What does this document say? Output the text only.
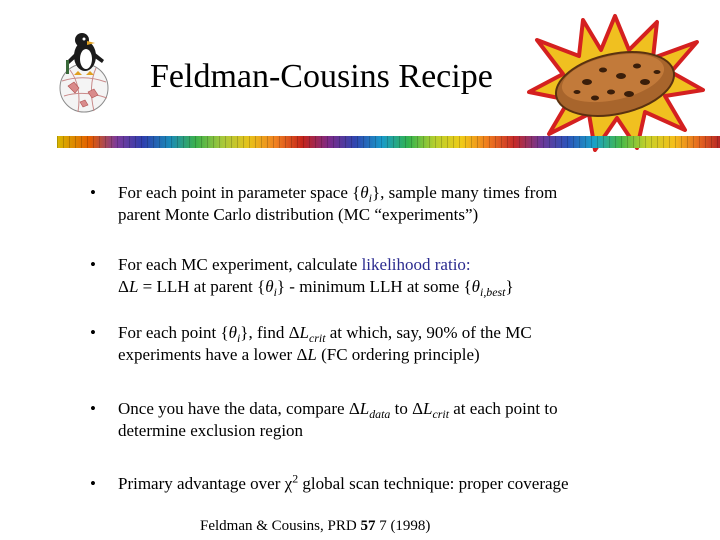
Feldman-Cousins Recipe
•	For each point in parameter space $\{\theta_i\}$, sample many times from
parent Monte Carlo distribution (MC “experiments”)
•	For each MC experiment, calculate likelihood ratio:
ΔL = LLH at parent $\{\theta_i\}$ - minimum LLH at some $\{\theta_{i,best}\}$
•	For each point $\{\theta_i\}$, find $\Delta L_{crit}$ at which, say, 90% of the MC
experiments have a lower ΔL (FC ordering principle)
•	Once you have the data, compare $\Delta L_{data}$ to $\Delta L_{crit}$ at each point to
determine exclusion region
•	Primary advantage over $\chi^2$ global scan technique: proper coverage
Feldman & Cousins, PRD 57 7 (1998)
